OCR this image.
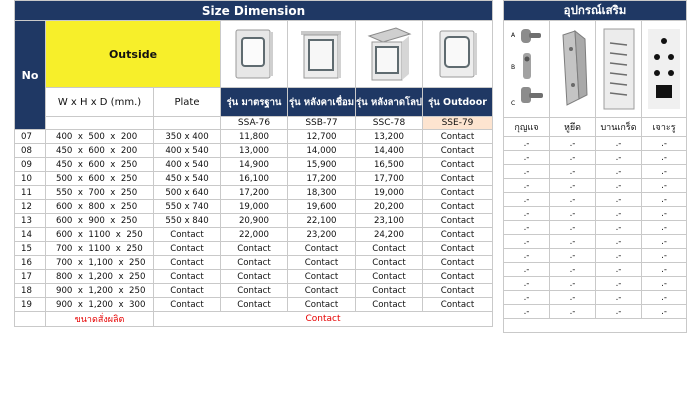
Size Dimension						
No	Outside	

	W x H x D (mm.)	Plate	รุ่น มาตรฐาน	รุ่น หลังคาเชื่อม	รุ่น หลังลาดโลป	รุ่น Outdoor
			SSA-76	SSB-77	SSC-78	SSE-79
07	400  x  500  x  200	350 x 400	11,800	12,700	13,200	Contact
08	450  x  600  x  200	400 x 540	13,000	14,000	14,400	Contact
09	450  x  600  x  250	400 x 540	14,900	15,900	16,500	Contact
10	500  x  600  x  250	450 x 540	16,100	17,200	17,700	Contact
11	550  x  700  x  250	500 x 640	17,200	18,300	19,000	Contact
12	600  x  800  x  250	550 x 740	19,000	19,600	20,200	Contact
13	600  x  900  x  250	550 x 840	20,900	22,100	23,100	Contact
14	600  x  1100  x  250	Contact	22,000	23,200	24,200	Contact
15	700  x  1100  x  250	Contact	Contact	Contact	Contact	Contact
16	700  x  1,100  x  250	Contact	Contact	Contact	Contact	Contact
17	800  x  1,200  x  250	Contact	Contact	Contact	Contact	Contact
18	900  x  1,200  x  250	Contact	Contact	Contact	Contact	Contact
19	900  x  1,200  x  300	Contact	Contact	Contact	Contact	Contact
	ขนาดสั่งผลิต	Contact				
อุปกรณ์เสริม			

A
B
C

กุญแจ	หูยึด	บานเกร็ด	เจาะรู
.-	.-	.-	.-
.-	.-	.-	.-
.-	.-	.-	.-
.-	.-	.-	.-
.-	.-	.-	.-
.-	.-	.-	.-
.-	.-	.-	.-
.-	.-	.-	.-
.-	.-	.-	.-
.-	.-	.-	.-
.-	.-	.-	.-
.-	.-	.-	.-
.-	.-	.-	.-
